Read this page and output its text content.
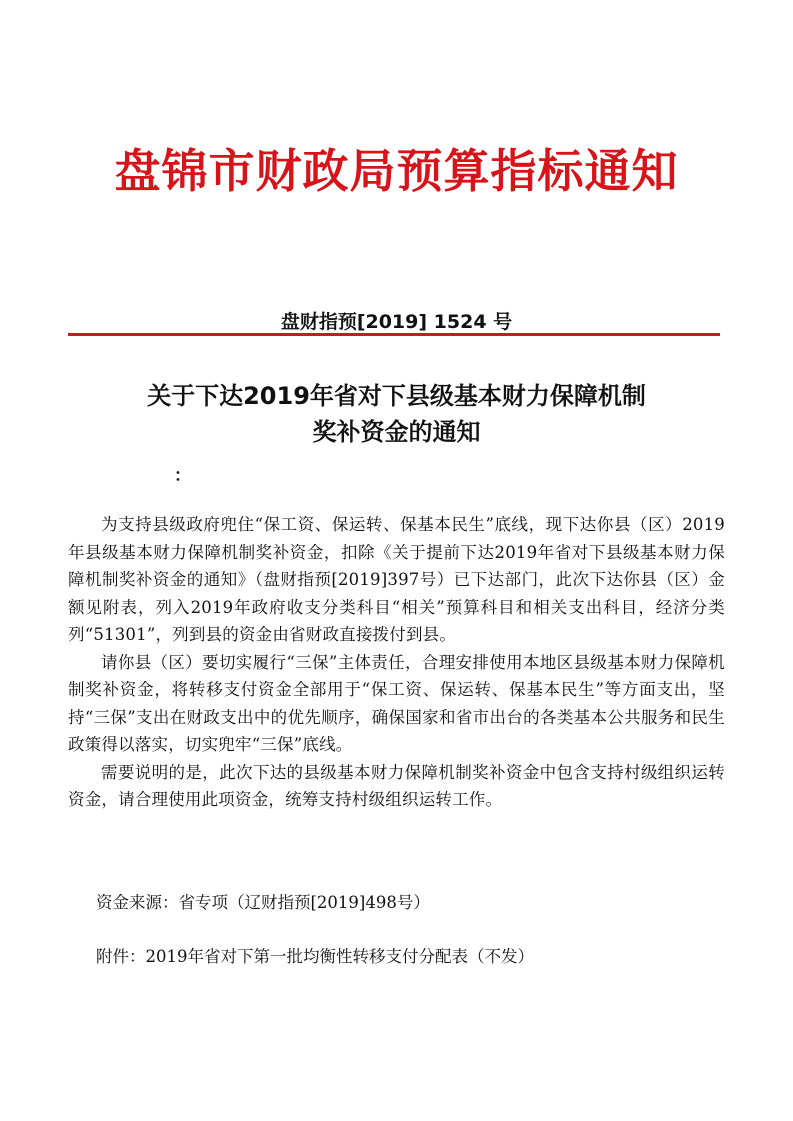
盘锦市财政局预算指标通知
盘财指预[2019] 1524 号
关于下达2019年省对下县级基本财力保障机制
奖补资金的通知
：

为支持县级政府兜住“保工资、保运转、保基本民生”底线，现下达你县（区）2019年县级基本财力保障机制奖补资金，扣除《关于提前下达2019年省对下县级基本财力保障机制奖补资金的通知》（盘财指预[2019]397号）已下达部门，此次下达你县（区）金额见附表，列入2019年政府收支分类科目“相关”预算科目和相关支出科目，经济分类列“51301”，列到县的资金由省财政直接拨付到县。

请你县（区）要切实履行“三保”主体责任，合理安排使用本地区县级基本财力保障机制奖补资金，将转移支付资金全部用于“保工资、保运转、保基本民生”等方面支出，坚持“三保”支出在财政支出中的优先顺序，确保国家和省市出台的各类基本公共服务和民生政策得以落实，切实兜牢“三保”底线。

需要说明的是，此次下达的县级基本财力保障机制奖补资金中包含支持村级组织运转资金，请合理使用此项资金，统筹支持村级组织运转工作。

资金来源：省专项（辽财指预[2019]498号）
附件：2019年省对下第一批均衡性转移支付分配表（不发）
